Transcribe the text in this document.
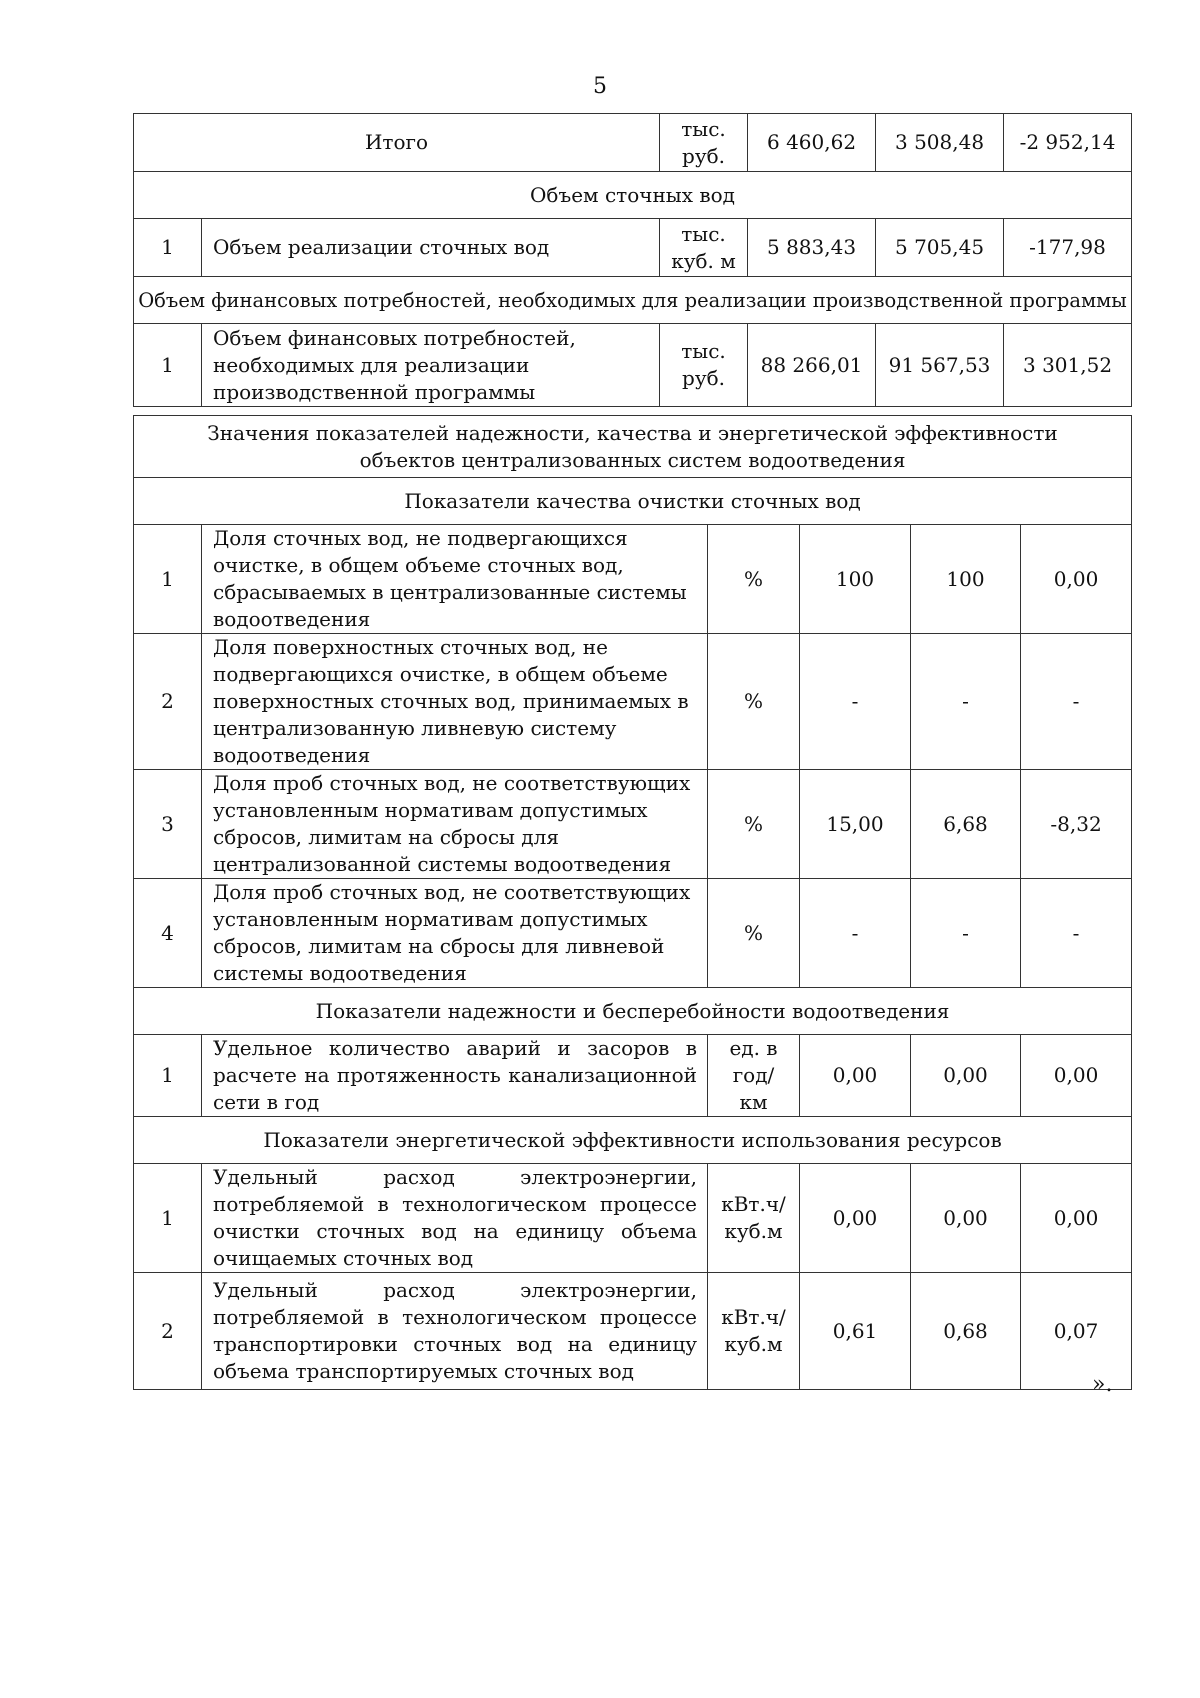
5
Итого		тыс. руб.	6 460,62	3 508,48	-2 952,14
Объем сточных вод					
1	Объем реализации сточных вод	тыс. куб. м	5 883,43	5 705,45	-177,98
Объем финансовых потребностей, необходимых для реализации производственной программы					
1	Объем финансовых потребностей, необходимых для реализации производственной программы	тыс. руб.	88 266,01	91 567,53	3 301,52
Значения показателей надежности, качества и энергетической эффективности объектов централизованных систем водоотведения					
Показатели качества очистки сточных вод					
1	Доля сточных вод, не подвергающихся очистке, в общем объеме сточных вод, сбрасываемых в централизованные системы водоотведения	%	100	100	0,00
2	Доля поверхностных сточных вод, не подвергающихся очистке, в общем объеме поверхностных сточных вод, принимаемых в централизованную ливневую систему водоотведения	%	-	-	-
3	Доля проб сточных вод, не соответствующих установленным нормативам допустимых сбросов, лимитам на сбросы для централизованной системы водоотведения	%	15,00	6,68	-8,32
4	Доля проб сточных вод, не соответствующих установленным нормативам допустимых сбросов, лимитам на сбросы для ливневой системы водоотведения	%	-	-	-
Показатели надежности и бесперебойности водоотведения					
1	Удельное количество аварий и засоров в расчете на протяженность канализационной сети в год	ед. в год/ км	0,00	0,00	0,00
Показатели энергетической эффективности использования ресурсов					
1	Удельный расход электроэнергии, потребляемой в технологическом процессе очистки сточных вод на единицу объема очищаемых сточных вод	кВт.ч/ куб.м	0,00	0,00	0,00
2	Удельный расход электроэнергии, потребляемой в технологическом процессе транспортировки сточных вод на единицу объема транспортируемых сточных вод	кВт.ч/ куб.м	0,61	0,68	0,07
».
